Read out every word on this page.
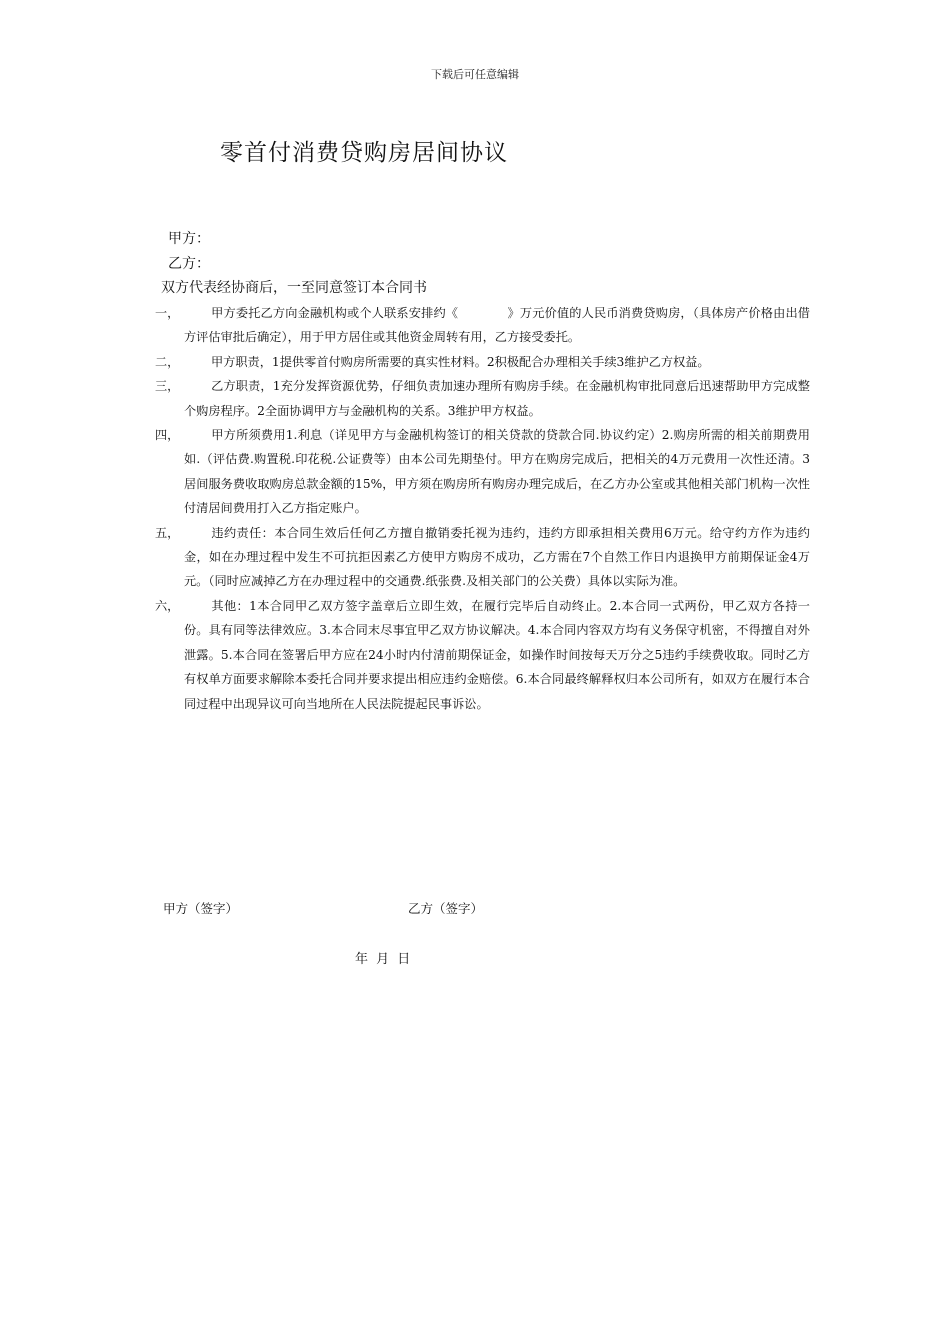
下载后可任意编辑
零首付消费贷购房居间协议
甲方：
乙方：
双方代表经协商后，一至同意签订本合同书
一，	甲方委托乙方向金融机构或个人联系安排约《　　　　》万元价值的人民币消费贷购房，（具体房产价格由出借方评估审批后确定），用于甲方居住或其他资金周转有用，乙方接受委托。
二，	甲方职责，1提供零首付购房所需要的真实性材料。2积极配合办理相关手续3维护乙方权益。
三，	乙方职责，1充分发挥资源优势，仔细负责加速办理所有购房手续。在金融机构审批同意后迅速帮助甲方完成整个购房程序。2全面协调甲方与金融机构的关系。3维护甲方权益。
四，	甲方所须费用1.利息（详见甲方与金融机构签订的相关贷款的贷款合同.协议约定）2.购房所需的相关前期费用如.（评估费.购置税.印花税.公证费等）由本公司先期垫付。甲方在购房完成后，把相关的4万元费用一次性还清。3居间服务费收取购房总款金额的15%，甲方须在购房所有购房办理完成后，在乙方办公室或其他相关部门机构一次性付清居间费用打入乙方指定账户。
五，	违约责任：本合同生效后任何乙方擅自撤销委托视为违约，违约方即承担相关费用6万元。给守约方作为违约金，如在办理过程中发生不可抗拒因素乙方使甲方购房不成功，乙方需在7个自然工作日内退换甲方前期保证金4万元。（同时应减掉乙方在办理过程中的交通费.纸张费.及相关部门的公关费）具体以实际为准。
六，	其他：1本合同甲乙双方签字盖章后立即生效，在履行完毕后自动终止。2.本合同一式两份，甲乙双方各持一份。具有同等法律效应。3.本合同末尽事宜甲乙双方协议解决。4.本合同内容双方均有义务保守机密，不得擅自对外泄露。5.本合同在签署后甲方应在24小时内付清前期保证金，如操作时间按每天万分之5违约手续费收取。同时乙方有权单方面要求解除本委托合同并要求提出相应违约金赔偿。6.本合同最终解释权归本公司所有，如双方在履行本合同过程中出现异议可向当地所在人民法院提起民事诉讼。
甲方（签字）	乙方（签字）
年 月 日
